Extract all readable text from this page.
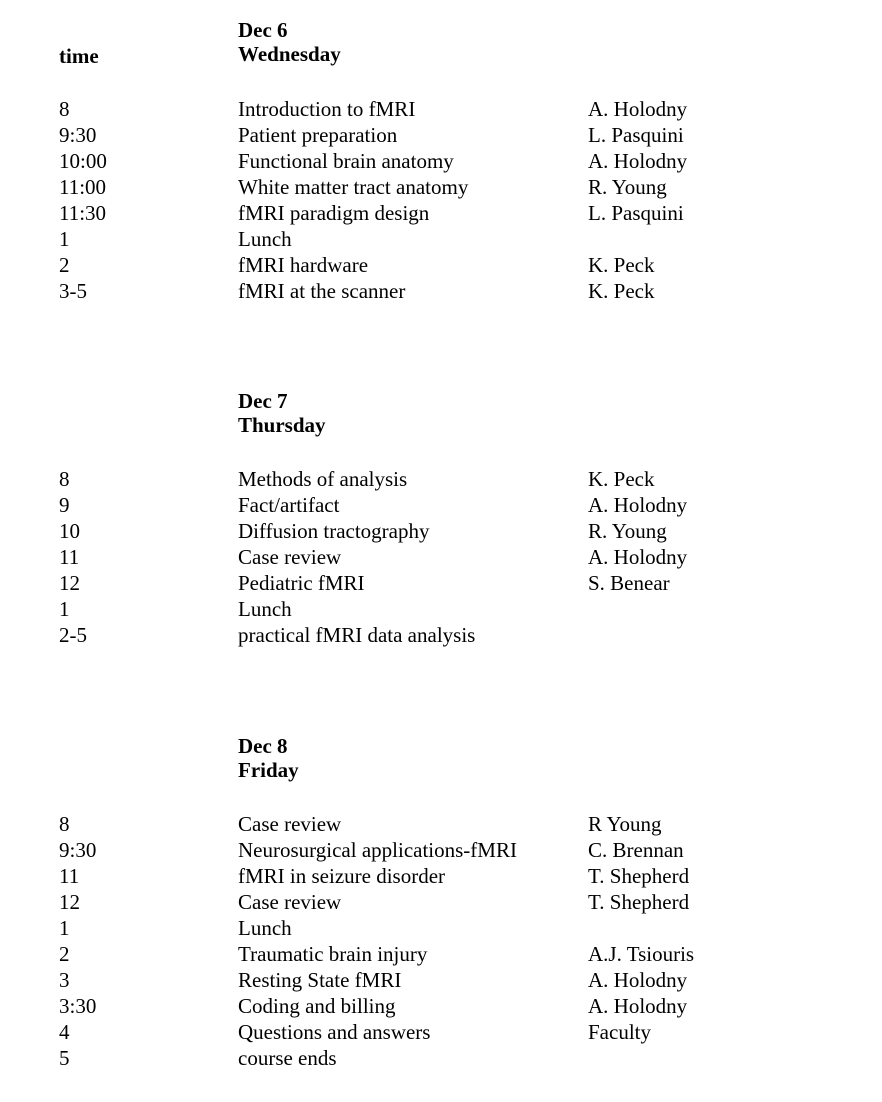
time
Dec 6
Wednesday
8	Introduction to fMRI	A. Holodny
9:30	Patient preparation	L. Pasquini
10:00	Functional brain anatomy	A. Holodny
11:00	White matter tract anatomy	R. Young
11:30	fMRI paradigm design	L. Pasquini
1	Lunch
2	fMRI hardware	K. Peck
3-5	fMRI at the scanner	K. Peck
Dec 7
Thursday
8	Methods of analysis	K. Peck
9	Fact/artifact	A. Holodny
10	Diffusion tractography	R. Young
11	Case review	A. Holodny
12	Pediatric fMRI	S. Benear
1	Lunch
2-5	practical fMRI data analysis
Dec 8
Friday
8	Case review	R Young
9:30	Neurosurgical applications-fMRI	C. Brennan
11	fMRI in seizure disorder	T. Shepherd
12	Case review	T. Shepherd
1	Lunch
2	Traumatic brain injury	A.J. Tsiouris
3	Resting State fMRI	A. Holodny
3:30	Coding and billing	A. Holodny
4	Questions and answers	Faculty
5	course ends
